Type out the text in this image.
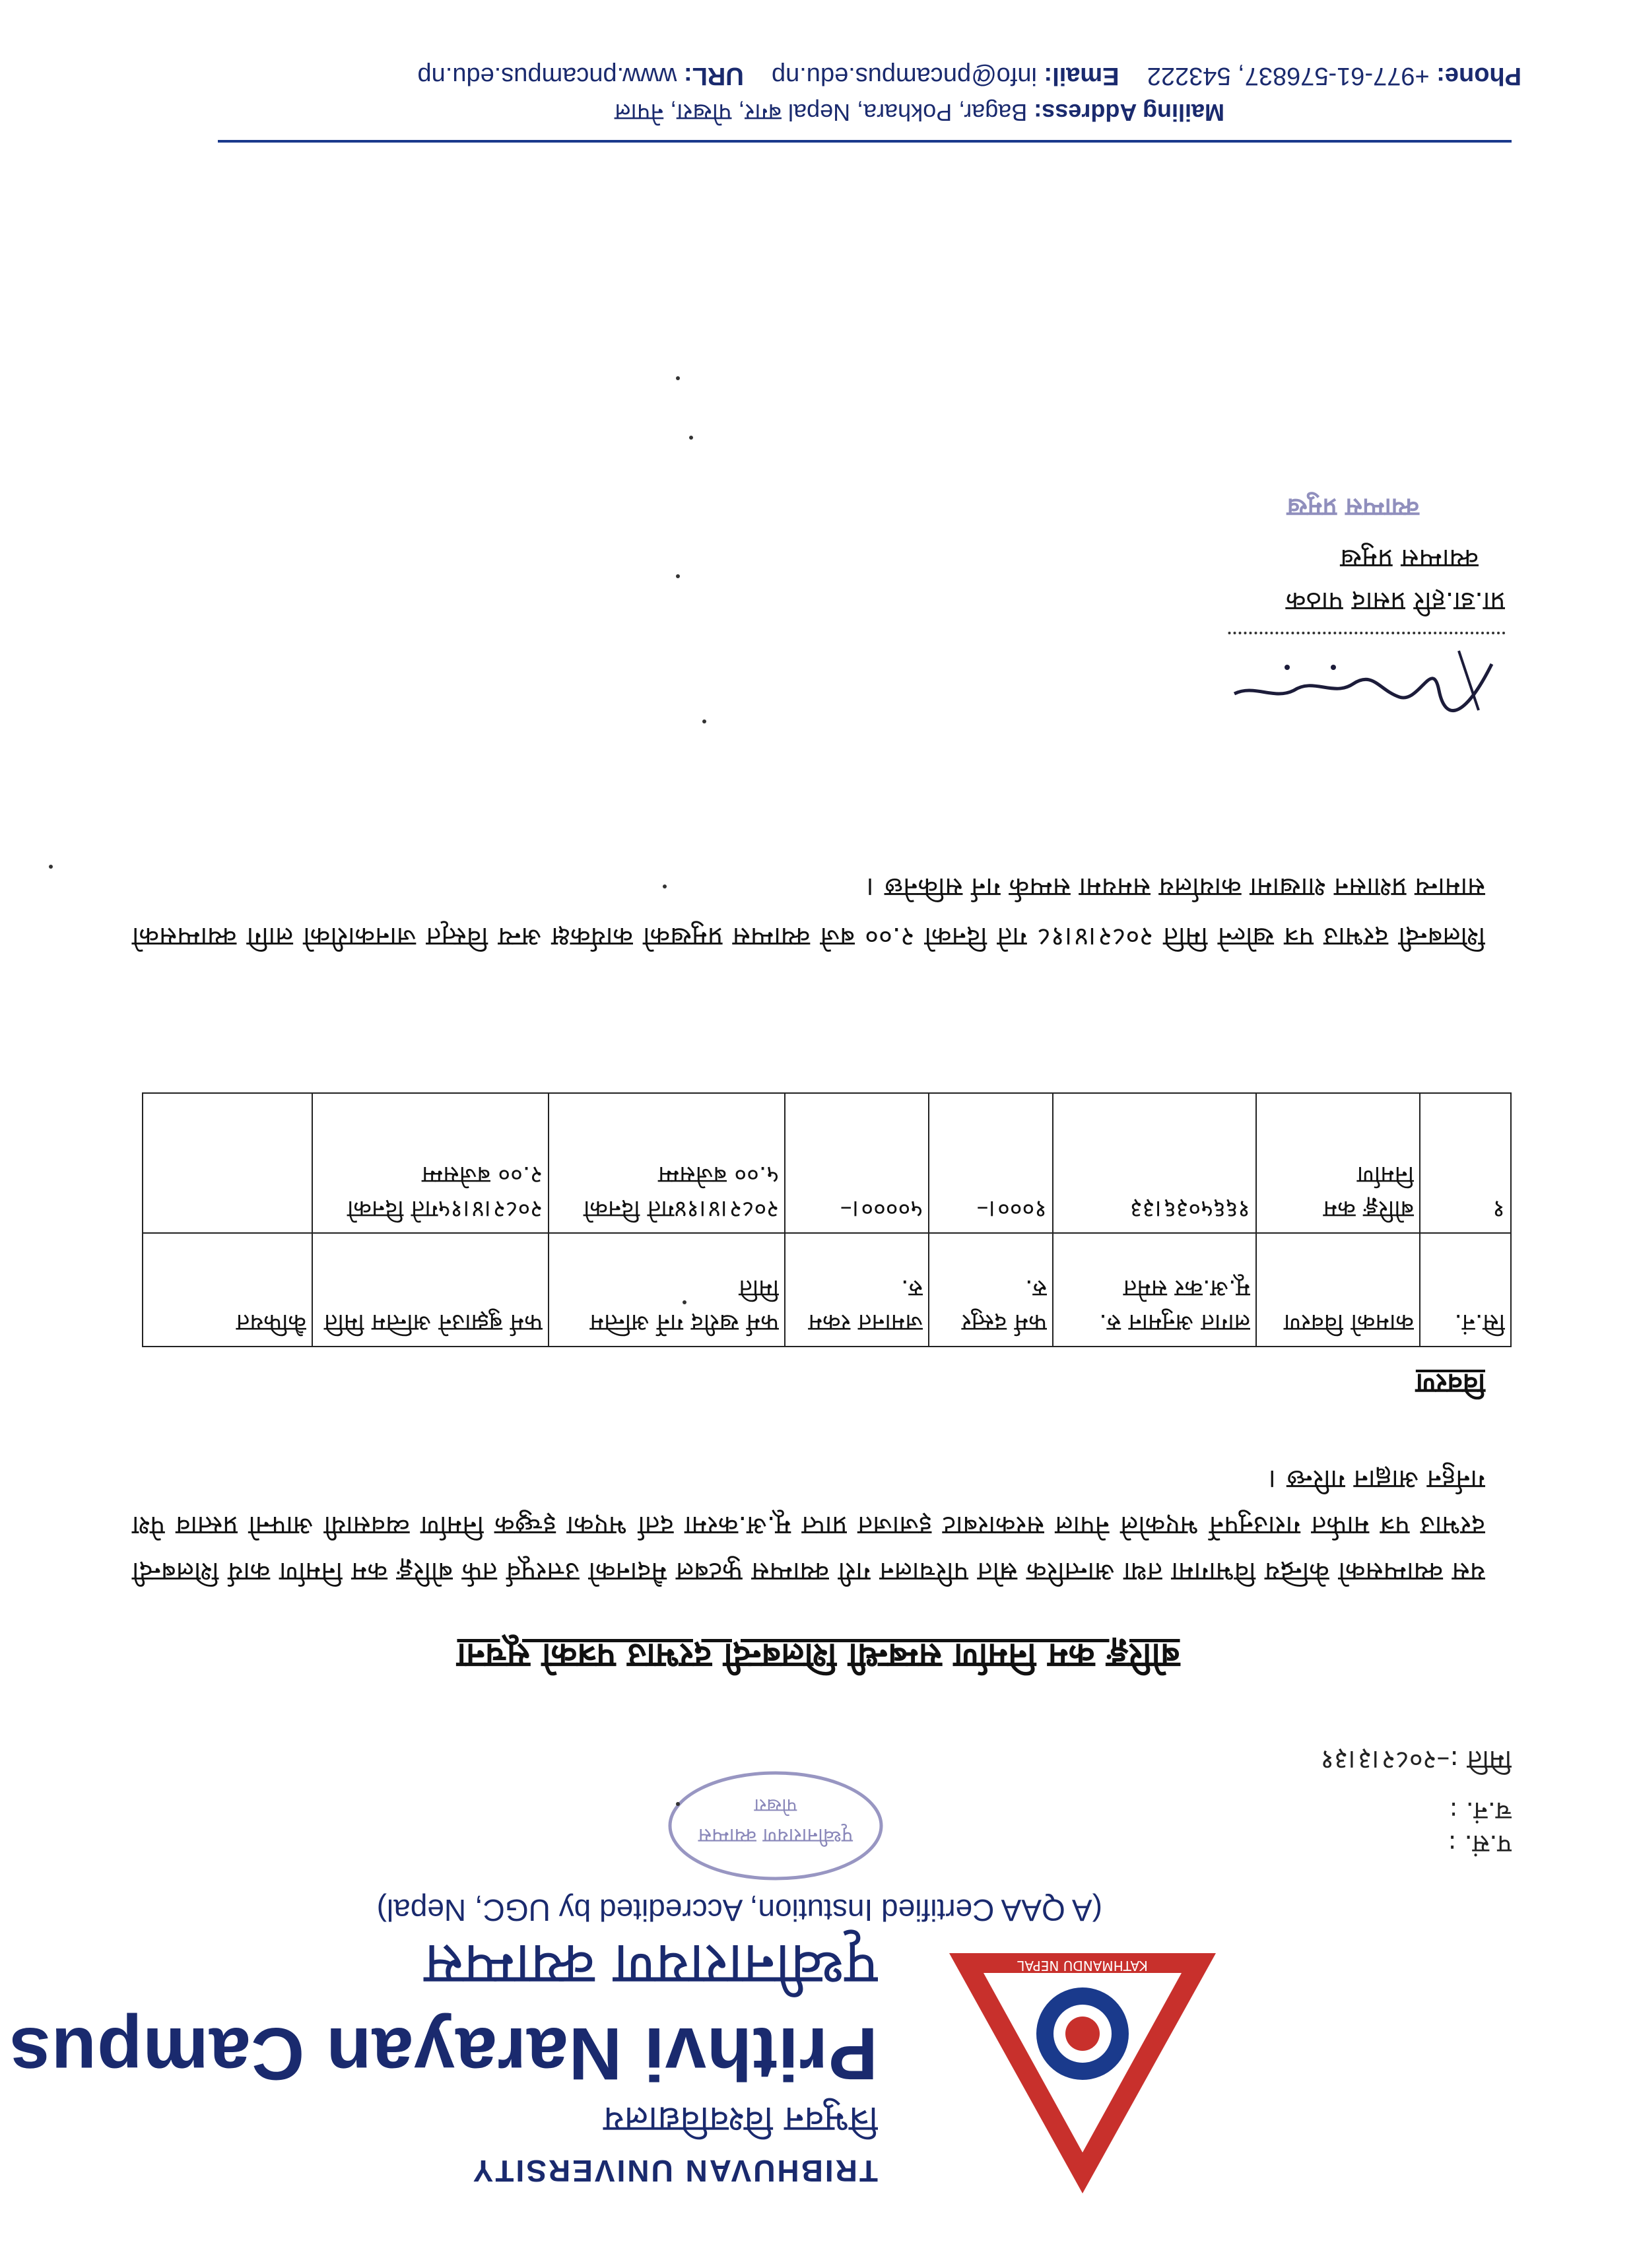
KATHMANDU NEPAL
TRIBHUVAN UNIVERSITY
त्रिभुवन विश्वविद्यालय
Prithvi Narayan Campus
पृथ्वीनारायण क्याम्पस
(A QAA Certified Instution, Accredited by UGC, Nepal)
पृथ्वीनारायण क्याम्पस
पोखरा
प.सं. :
च.नं. :
मिति :–२०८२।३।३१
बोरिङ्ग कम निर्माण सम्बन्धी शिलबन्दी दरभाउ पत्रको सूचना
यस क्याम्पसको केन्द्रिय विभागमा तथा आन्तरिक स्रोत परिचालन गरी क्याम्पस फुटबल मैदानको उत्तरपूर्व तर्फ बोरिङ्ग कम निर्माण कार्य शिलबन्दी दरभाउ पत्र मार्फत गराउनुपर्ने भएकोले नेपाल सरकारबाट इजाजत प्राप्त मू.अ.करमा दर्ता भएका इच्छुक निर्माण व्यवसायी आफ्नो प्रस्ताव पेश गर्नहुन आह्वान गरिन्छ ।
विवरण
सि.नं.	कामको विवरण	लागत अनुमान रु. मू.अ.कर समेत	फर्म दस्तुर रु.	जमानत रकम रु.	फर्म खरीद गर्ने अन्तिम मिति	फर्म बुझाउने अन्तिम मिति	कैफियत
१	बोरिङ्ग कम निर्माण	१६६५०३६।३३	१०००।–	५००००।–	२०८२।४।१४गते दिनको ५.०० बजेसम्म	२०८२।४।१५गते दिनको २.०० बजेसम्म	
शिलबन्दी दरभाउ पत्र खोल्ने मिति २०८२।४।१८ गते दिनको २.०० बजे क्याम्पस प्रमुखको कार्यकक्ष अन्य विस्तृत जानकारीको लागि क्याम्पसको सामान्य प्रशासन शाखामा कार्यालय समयमा सम्पर्क गर्न सकिनेछ ।
प्रा.डा.हरि प्रसाद पाठक
क्याम्पस प्रमुख
क्याम्पस प्रमुख
Mailing Address: Bagar, Pokhara, Nepal बगर, पोखरा, नेपाल
Phone: +977-61-576837, 543222    Email: info@pncampus.edu.np    URL: www.pncampus.edu.np
